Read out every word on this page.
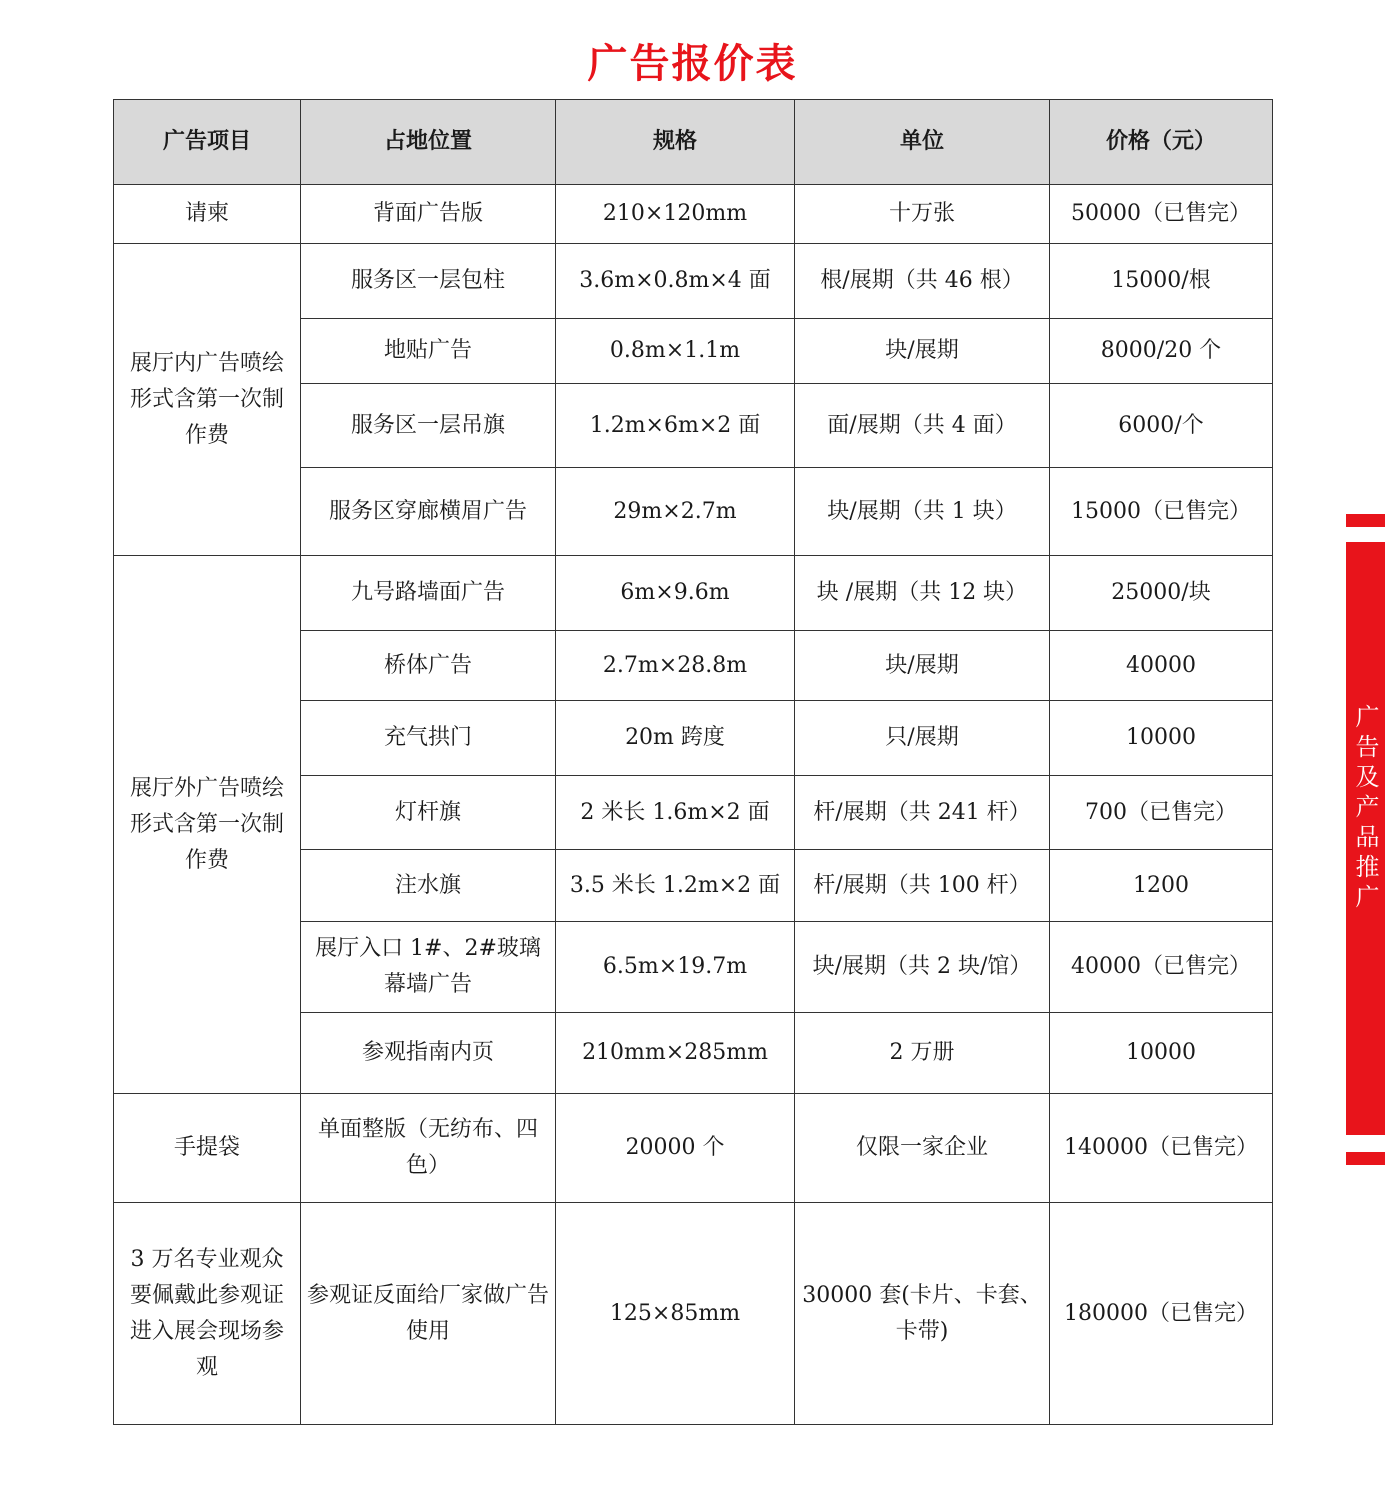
广告报价表
广告项目	占地位置	规格	单位	价格（元）
请柬	背面广告版	210×120mm	十万张	50000（已售完）
展厅内广告喷绘形式含第一次制作费	服务区一层包柱	3.6m×0.8m×4 面	根/展期（共 46 根）	15000/根
	地贴广告	0.8m×1.1m	块/展期	8000/20 个
	服务区一层吊旗	1.2m×6m×2 面	面/展期（共 4 面）	6000/个
	服务区穿廊横眉广告	29m×2.7m	块/展期（共 1 块）	15000（已售完）
展厅外广告喷绘形式含第一次制作费	九号路墙面广告	6m×9.6m	块 /展期（共 12 块）	25000/块
	桥体广告	2.7m×28.8m	块/展期	40000
	充气拱门	20m 跨度	只/展期	10000
	灯杆旗	2 米长 1.6m×2 面	杆/展期（共 241 杆）	700（已售完）
	注水旗	3.5 米长 1.2m×2 面	杆/展期（共 100 杆）	1200
	展厅入口 1#、2#玻璃幕墙广告	6.5m×19.7m	块/展期（共 2 块/馆）	40000（已售完）
	参观指南内页	210mm×285mm	2 万册	10000
手提袋	单面整版（无纺布、四色）	20000 个	仅限一家企业	140000（已售完）
3 万名专业观众要佩戴此参观证进入展会现场参观	参观证反面给厂家做广告使用	125×85mm	30000 套(卡片、卡套、卡带)	180000（已售完）
广告及产品推广
